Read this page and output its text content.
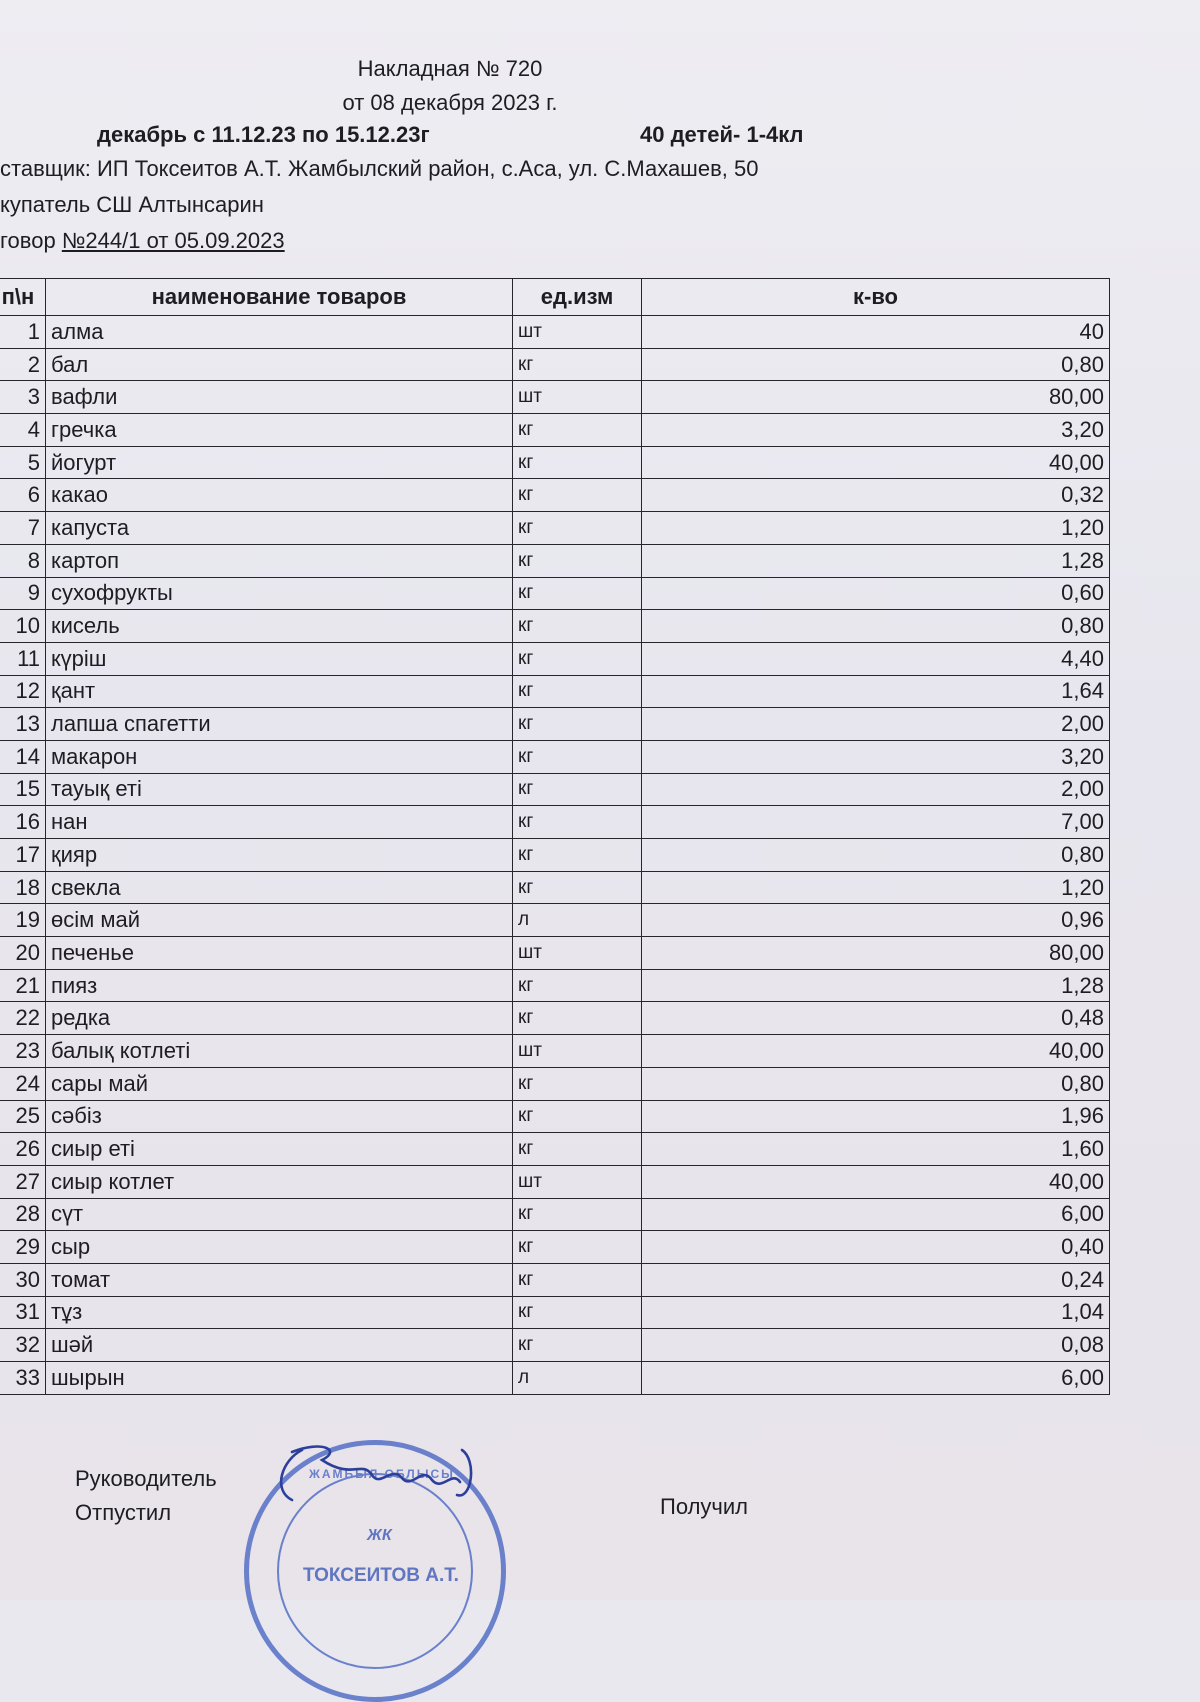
Накладная № 720
от 08 декабря 2023 г.
декабрь с 11.12.23 по 15.12.23г	40 детей- 1-4кл
ставщик: ИП Токсеитов А.Т. Жамбылский район, с.Аса, ул. С.Махашев, 50
купатель СШ Алтынсарин
говор №244/1 от 05.09.2023
п\н	наименование товаров	ед.изм	к-во
1	алма	шт	40
2	бал	кг	0,80
3	вафли	шт	80,00
4	гречка	кг	3,20
5	йогурт	кг	40,00
6	какао	кг	0,32
7	капуста	кг	1,20
8	картоп	кг	1,28
9	сухофрукты	кг	0,60
10	кисель	кг	0,80
11	күріш	кг	4,40
12	қант	кг	1,64
13	лапша спагетти	кг	2,00
14	макарон	кг	3,20
15	тауық еті	кг	2,00
16	нан	кг	7,00
17	қияр	кг	0,80
18	свекла	кг	1,20
19	өсім май	л	0,96
20	печенье	шт	80,00
21	пияз	кг	1,28
22	редка	кг	0,48
23	балық котлеті	шт	40,00
24	сары май	кг	0,80
25	сәбіз	кг	1,96
26	сиыр еті	кг	1,60
27	сиыр котлет	шт	40,00
28	сүт	кг	6,00
29	сыр	кг	0,40
30	томат	кг	0,24
31	тұз	кг	1,04
32	шәй	кг	0,08
33	шырын	л	6,00
Руководитель
Отпустил	Получил
ЖАМБЫЛ ОБЛЫСЫ
ЖК
ТОКСЕИТОВ А.Т.
